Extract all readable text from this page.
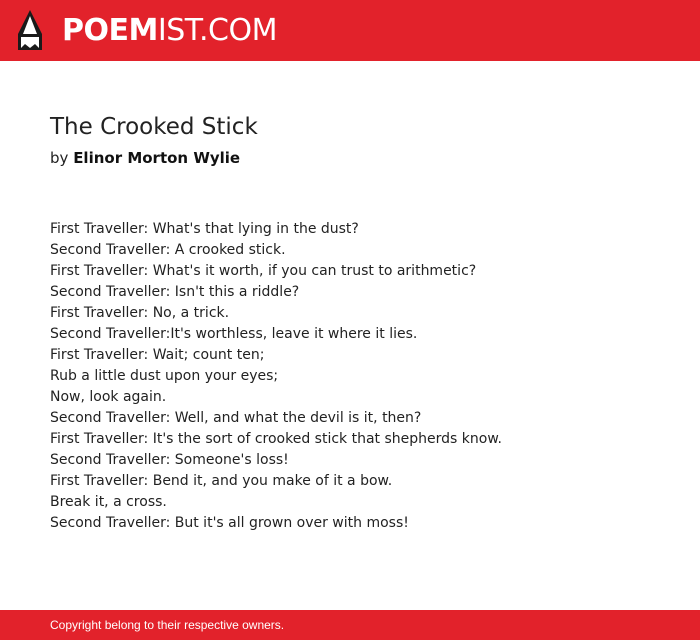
POEMIST.COM
The Crooked Stick
by Elinor Morton Wylie
First Traveller: What's that lying in the dust?
Second Traveller: A crooked stick.
First Traveller: What's it worth, if you can trust to arithmetic?
Second Traveller: Isn't this a riddle?
First Traveller: No, a trick.
Second Traveller:It's worthless, leave it where it lies.
First Traveller: Wait; count ten;
Rub a little dust upon your eyes;
Now, look again.
Second Traveller: Well, and what the devil is it, then?
First Traveller: It's the sort of crooked stick that shepherds know.
Second Traveller: Someone's loss!
First Traveller: Bend it, and you make of it a bow.
Break it, a cross.
Second Traveller: But it's all grown over with moss!
Copyright belong to their respective owners.
